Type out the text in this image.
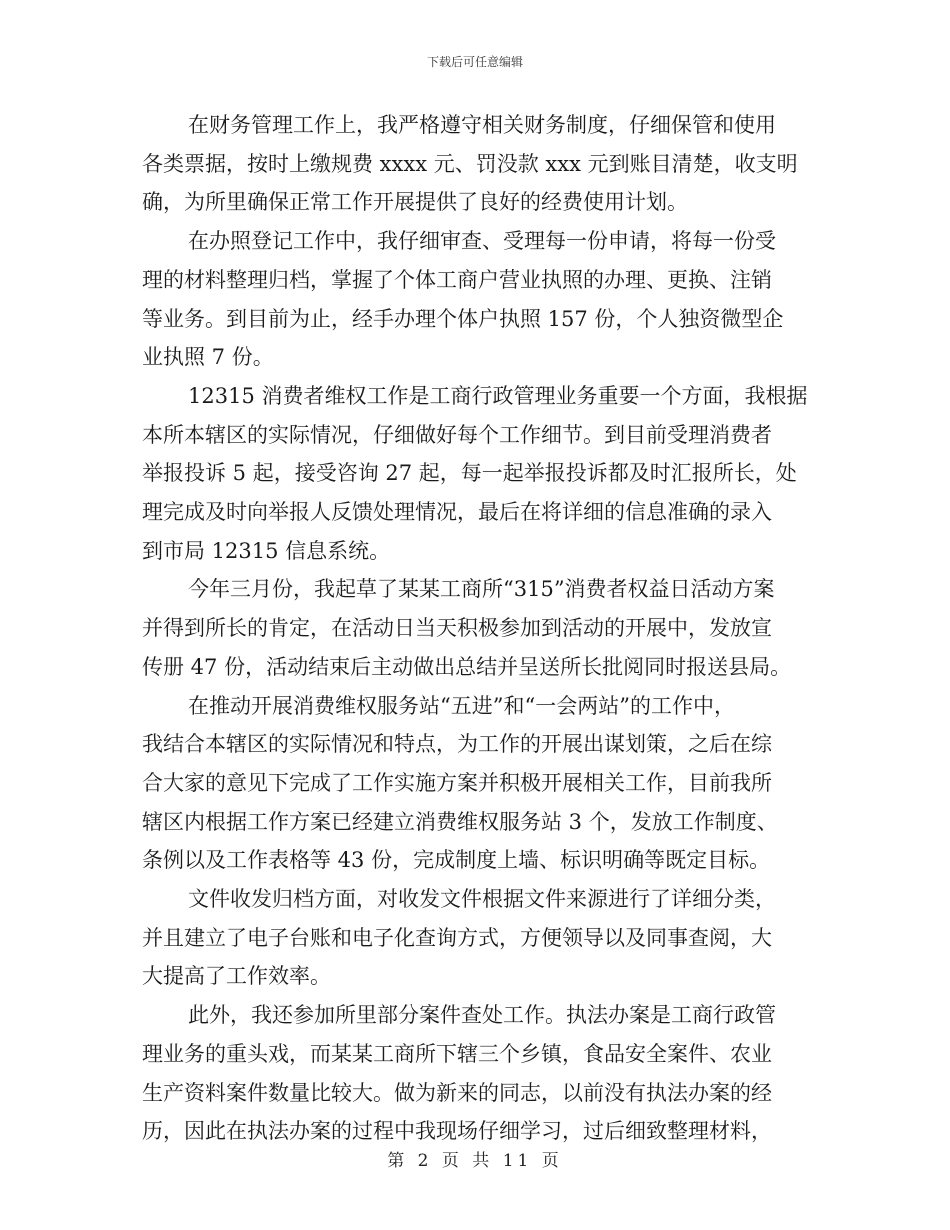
下载后可任意编辑

在财务管理工作上，我严格遵守相关财务制度，仔细保管和使用
各类票据，按时上缴规费 xxxx 元、罚没款 xxx 元到账目清楚，收支明
确，为所里确保正常工作开展提供了良好的经费使用计划。

在办照登记工作中，我仔细审查、受理每一份申请，将每一份受
理的材料整理归档，掌握了个体工商户营业执照的办理、更换、注销
等业务。到目前为止，经手办理个体户执照 157 份，个人独资微型企
业执照 7 份。

12315 消费者维权工作是工商行政管理业务重要一个方面，我根据
本所本辖区的实际情况，仔细做好每个工作细节。到目前受理消费者
举报投诉 5 起，接受咨询 27 起，每一起举报投诉都及时汇报所长，处
理完成及时向举报人反馈处理情况，最后在将详细的信息准确的录入
到市局 12315 信息系统。

今年三月份，我起草了某某工商所“315”消费者权益日活动方案
并得到所长的肯定，在活动日当天积极参加到活动的开展中，发放宣
传册 47 份，活动结束后主动做出总结并呈送所长批阅同时报送县局。

在推动开展消费维权服务站“五进”和“一会两站”的工作中，
我结合本辖区的实际情况和特点，为工作的开展出谋划策，之后在综
合大家的意见下完成了工作实施方案并积极开展相关工作，目前我所
辖区内根据工作方案已经建立消费维权服务站 3 个，发放工作制度、
条例以及工作表格等 43 份，完成制度上墙、标识明确等既定目标。

文件收发归档方面，对收发文件根据文件来源进行了详细分类，
并且建立了电子台账和电子化查询方式，方便领导以及同事查阅，大
大提高了工作效率。

此外，我还参加所里部分案件查处工作。执法办案是工商行政管
理业务的重头戏，而某某工商所下辖三个乡镇，食品安全案件、农业
生产资料案件数量比较大。做为新来的同志，以前没有执法办案的经
历，因此在执法办案的过程中我现场仔细学习，过后细致整理材料，

第 2 页 共 11 页
